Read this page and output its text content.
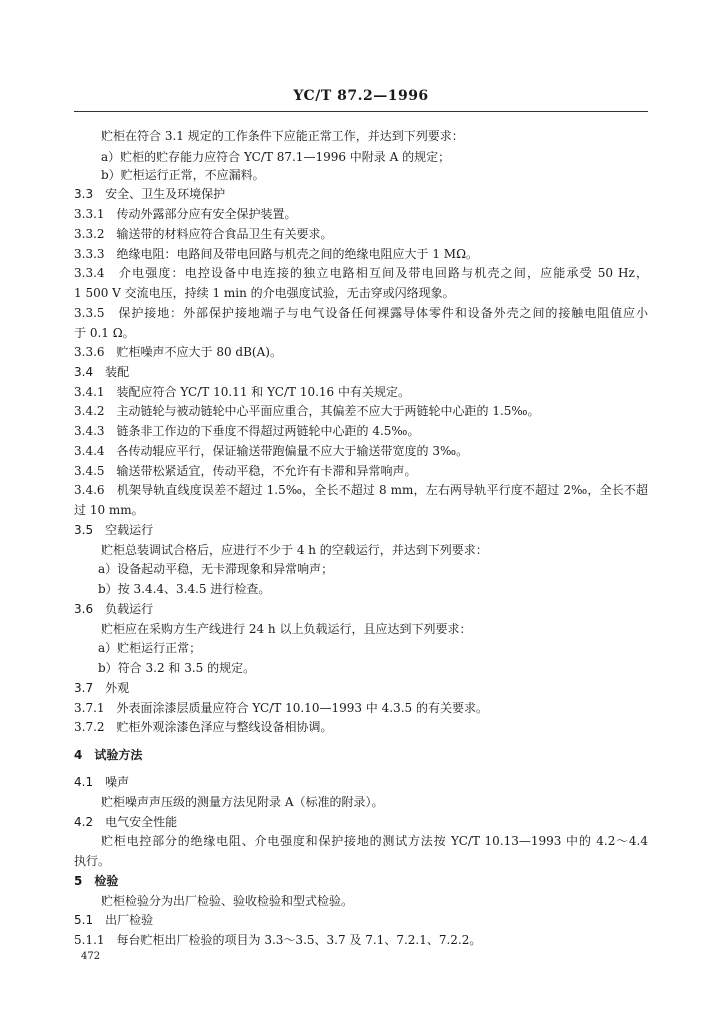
YC/T 87.2—1996
贮柜在符合 3.1 规定的工作条件下应能正常工作，并达到下列要求：
a）贮柜的贮存能力应符合 YC/T 87.1—1996 中附录 A 的规定；
b）贮柜运行正常，不应漏料。
3.3　安全、卫生及环境保护
3.3.1　传动外露部分应有安全保护装置。
3.3.2　输送带的材料应符合食品卫生有关要求。
3.3.3　绝缘电阻：电路间及带电回路与机壳之间的绝缘电阻应大于 1 MΩ。
3.3.4　介电强度：电控设备中电连接的独立电路相互间及带电回路与机壳之间，应能承受 50 Hz，
1 500 V 交流电压，持续 1 min 的介电强度试验，无击穿或闪络现象。
3.3.5　保护接地：外部保护接地端子与电气设备任何裸露导体零件和设备外壳之间的接触电阻值应小
于 0.1 Ω。
3.3.6　贮柜噪声不应大于 80 dB(A)。
3.4　装配
3.4.1　装配应符合 YC/T 10.11 和 YC/T 10.16 中有关规定。
3.4.2　主动链轮与被动链轮中心平面应重合，其偏差不应大于两链轮中心距的 1.5‰。
3.4.3　链条非工作边的下垂度不得超过两链轮中心距的 4.5‰。
3.4.4　各传动辊应平行，保证输送带跑偏量不应大于输送带宽度的 3‰。
3.4.5　输送带松紧适宜，传动平稳，不允许有卡滞和异常响声。
3.4.6　机架导轨直线度误差不超过 1.5‰，全长不超过 8 mm，左右两导轨平行度不超过 2‰，全长不超
过 10 mm。
3.5　空载运行
贮柜总装调试合格后，应进行不少于 4 h 的空载运行，并达到下列要求：
a）设备起动平稳，无卡滞现象和异常响声；
b）按 3.4.4、3.4.5 进行检查。
3.6　负载运行
贮柜应在采购方生产线进行 24 h 以上负载运行，且应达到下列要求：
a）贮柜运行正常；
b）符合 3.2 和 3.5 的规定。
3.7　外观
3.7.1　外表面涂漆层质量应符合 YC/T 10.10—1993 中 4.3.5 的有关要求。
3.7.2　贮柜外观涂漆色泽应与整线设备相协调。
4　试验方法
4.1　噪声
贮柜噪声声压级的测量方法见附录 A（标准的附录）。
4.2　电气安全性能
贮柜电控部分的绝缘电阻、介电强度和保护接地的测试方法按 YC/T 10.13—1993 中的 4.2～4.4
执行。
5　检验
贮柜检验分为出厂检验、验收检验和型式检验。
5.1　出厂检验
5.1.1　每台贮柜出厂检验的项目为 3.3～3.5、3.7 及 7.1、7.2.1、7.2.2。
472
